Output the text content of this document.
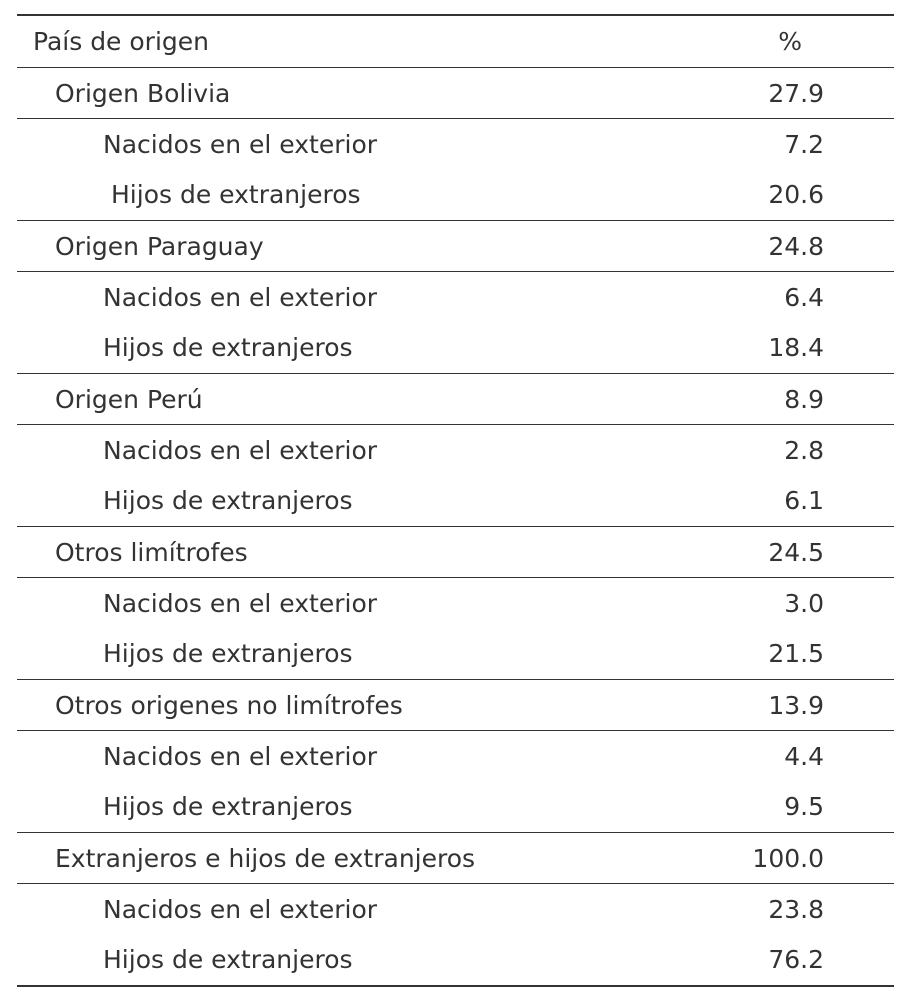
País de origen	%
Origen Bolivia	27.9
Nacidos en el exterior	7.2
Hijos de extranjeros	20.6
Origen Paraguay	24.8
Nacidos en el exterior	6.4
Hijos de extranjeros	18.4
Origen Perú	8.9
Nacidos en el exterior	2.8
Hijos de extranjeros	6.1
Otros limítrofes	24.5
Nacidos en el exterior	3.0
Hijos de extranjeros	21.5
Otros origenes no limítrofes	13.9
Nacidos en el exterior	4.4
Hijos de extranjeros	9.5
Extranjeros e hijos de extranjeros	100.0
Nacidos en el exterior	23.8
Hijos de extranjeros	76.2
